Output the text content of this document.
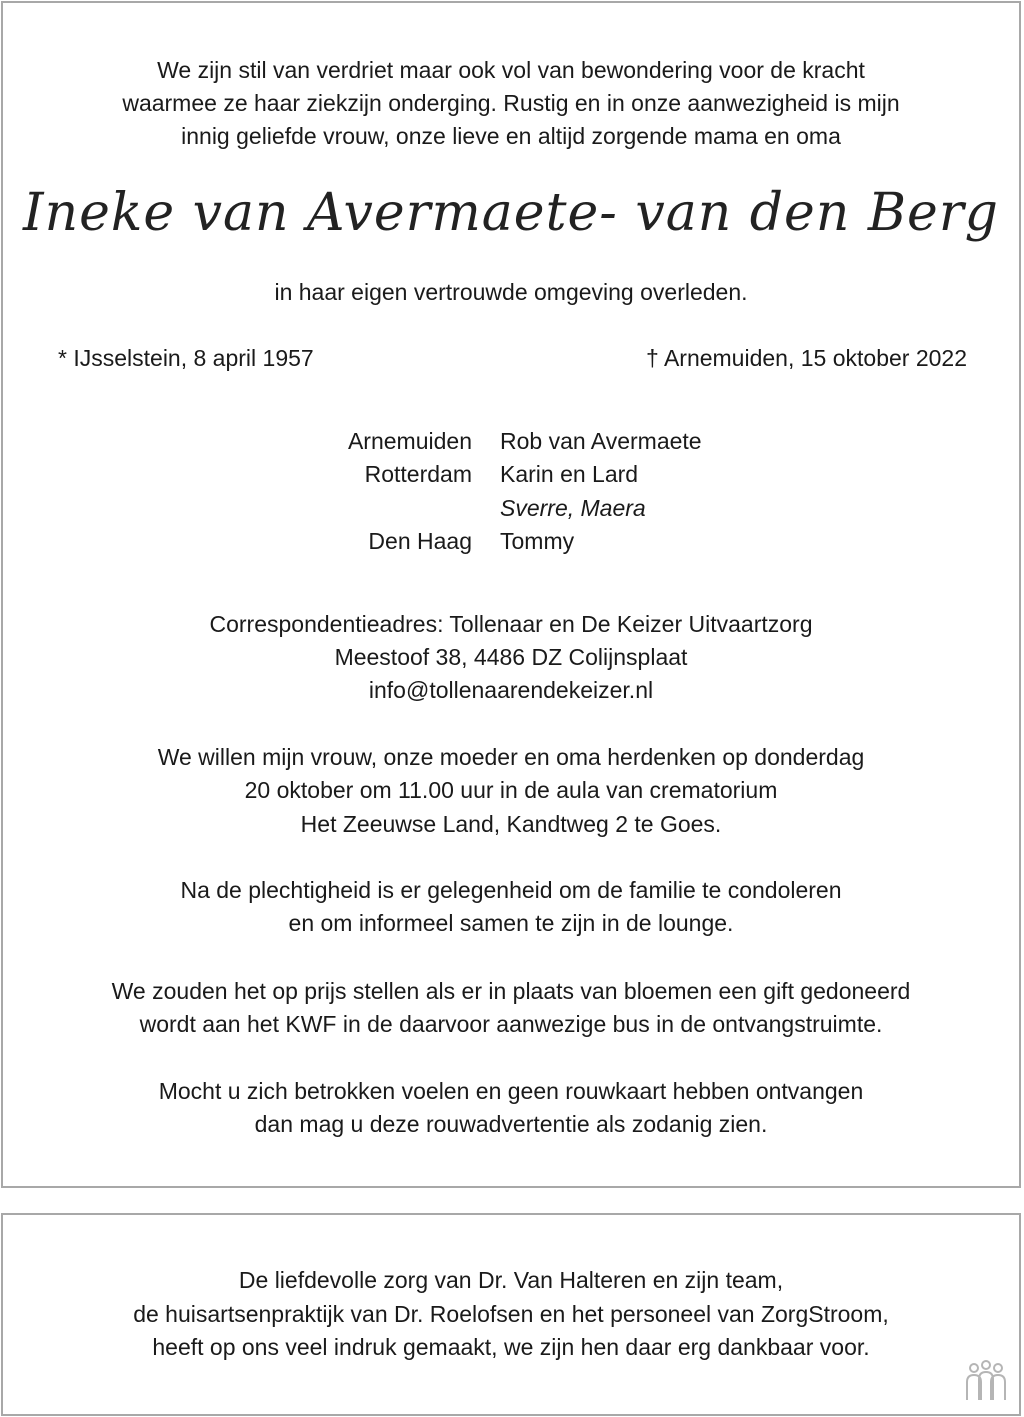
We zijn stil van verdriet maar ook vol van bewondering voor de kracht
waarmee ze haar ziekzijn onderging. Rustig en in onze aanwezigheid is mijn
innig geliefde vrouw, onze lieve en altijd zorgende mama en oma
Ineke van Avermaete- van den Berg
in haar eigen vertrouwde omgeving overleden.
* IJsselstein, 8 april 1957	† Arnemuiden, 15 oktober 2022
Arnemuiden Rob van Avermaete
Rotterdam Karin en Lard
Sverre, Maera
Den Haag Tommy
Correspondentieadres: Tollenaar en De Keizer Uitvaartzorg
Meestoof 38, 4486 DZ Colijnsplaat
info@tollenaarendekeizer.nl
We willen mijn vrouw, onze moeder en oma herdenken op donderdag
20 oktober om 11.00 uur in de aula van crematorium
Het Zeeuwse Land, Kandtweg 2 te Goes.
Na de plechtigheid is er gelegenheid om de familie te condoleren
en om informeel samen te zijn in de lounge.
We zouden het op prijs stellen als er in plaats van bloemen een gift gedoneerd
wordt aan het KWF in de daarvoor aanwezige bus in de ontvangstruimte.
Mocht u zich betrokken voelen en geen rouwkaart hebben ontvangen
dan mag u deze rouwadvertentie als zodanig zien.
De liefdevolle zorg van Dr. Van Halteren en zijn team,
de huisartsenpraktijk van Dr. Roelofsen en het personeel van ZorgStroom,
heeft op ons veel indruk gemaakt, we zijn hen daar erg dankbaar voor.
